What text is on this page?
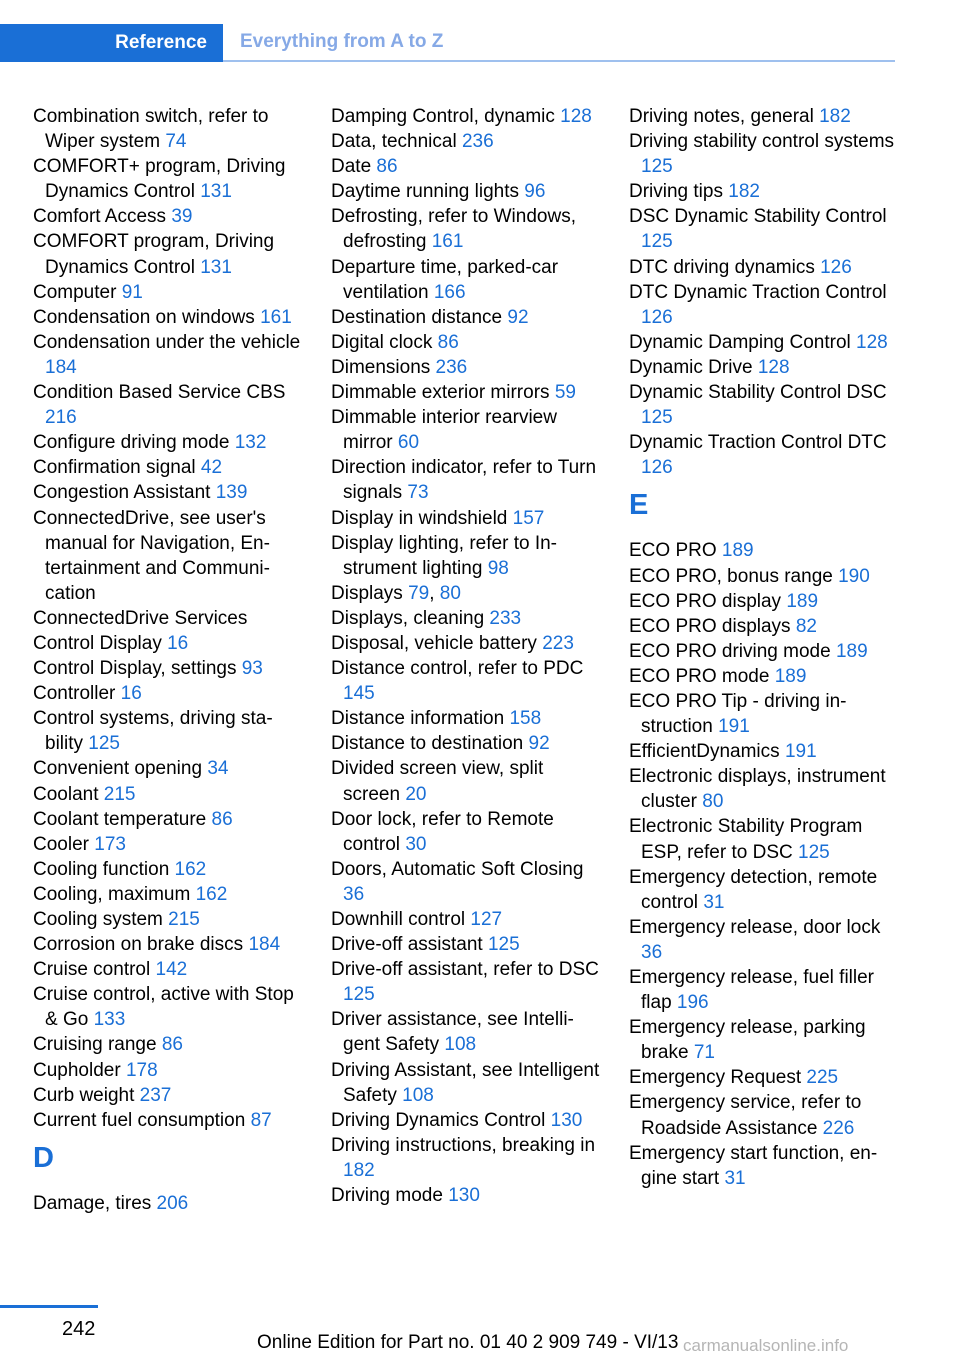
Reference	Everything from A to Z
Combination switch, refer to Wiper system 74
COMFORT+ program, Driving Dynamics Control 131
Comfort Access 39
COMFORT program, Driving Dynamics Control 131
Computer 91
Condensation on windows 161
Condensation under the vehicle 184
Condition Based Service CBS 216
Configure driving mode 132
Confirmation signal 42
Congestion Assistant 139
ConnectedDrive, see user's manual for Navigation, Entertainment and Communication
ConnectedDrive Services
Control Display 16
Control Display, settings 93
Controller 16
Control systems, driving stability 125
Convenient opening 34
Coolant 215
Coolant temperature 86
Cooler 173
Cooling function 162
Cooling, maximum 162
Cooling system 215
Corrosion on brake discs 184
Cruise control 142
Cruise control, active with Stop & Go 133
Cruising range 86
Cupholder 178
Curb weight 237
Current fuel consumption 87
D
Damage, tires 206
Damping Control, dynamic 128
Data, technical 236
Date 86
Daytime running lights 96
Defrosting, refer to Windows, defrosting 161
Departure time, parked-car ventilation 166
Destination distance 92
Digital clock 86
Dimensions 236
Dimmable exterior mirrors 59
Dimmable interior rearview mirror 60
Direction indicator, refer to Turn signals 73
Display in windshield 157
Display lighting, refer to Instrument lighting 98
Displays 79, 80
Displays, cleaning 233
Disposal, vehicle battery 223
Distance control, refer to PDC 145
Distance information 158
Distance to destination 92
Divided screen view, split screen 20
Door lock, refer to Remote control 30
Doors, Automatic Soft Closing 36
Downhill control 127
Drive-off assistant 125
Drive-off assistant, refer to DSC 125
Driver assistance, see Intelligent Safety 108
Driving Assistant, see Intelligent Safety 108
Driving Dynamics Control 130
Driving instructions, breaking in 182
Driving mode 130
Driving notes, general 182
Driving stability control systems 125
Driving tips 182
DSC Dynamic Stability Control 125
DTC driving dynamics 126
DTC Dynamic Traction Control 126
Dynamic Damping Control 128
Dynamic Drive 128
Dynamic Stability Control DSC 125
Dynamic Traction Control DTC 126
E
ECO PRO 189
ECO PRO, bonus range 190
ECO PRO display 189
ECO PRO displays 82
ECO PRO driving mode 189
ECO PRO mode 189
ECO PRO Tip - driving instruction 191
EfficientDynamics 191
Electronic displays, instrument cluster 80
Electronic Stability Program ESP, refer to DSC 125
Emergency detection, remote control 31
Emergency release, door lock 36
Emergency release, fuel filler flap 196
Emergency release, parking brake 71
Emergency Request 225
Emergency service, refer to Roadside Assistance 226
Emergency start function, engine start 31
242
Online Edition for Part no. 01 40 2 909 749 - VI/13 carmanualsonline.info
